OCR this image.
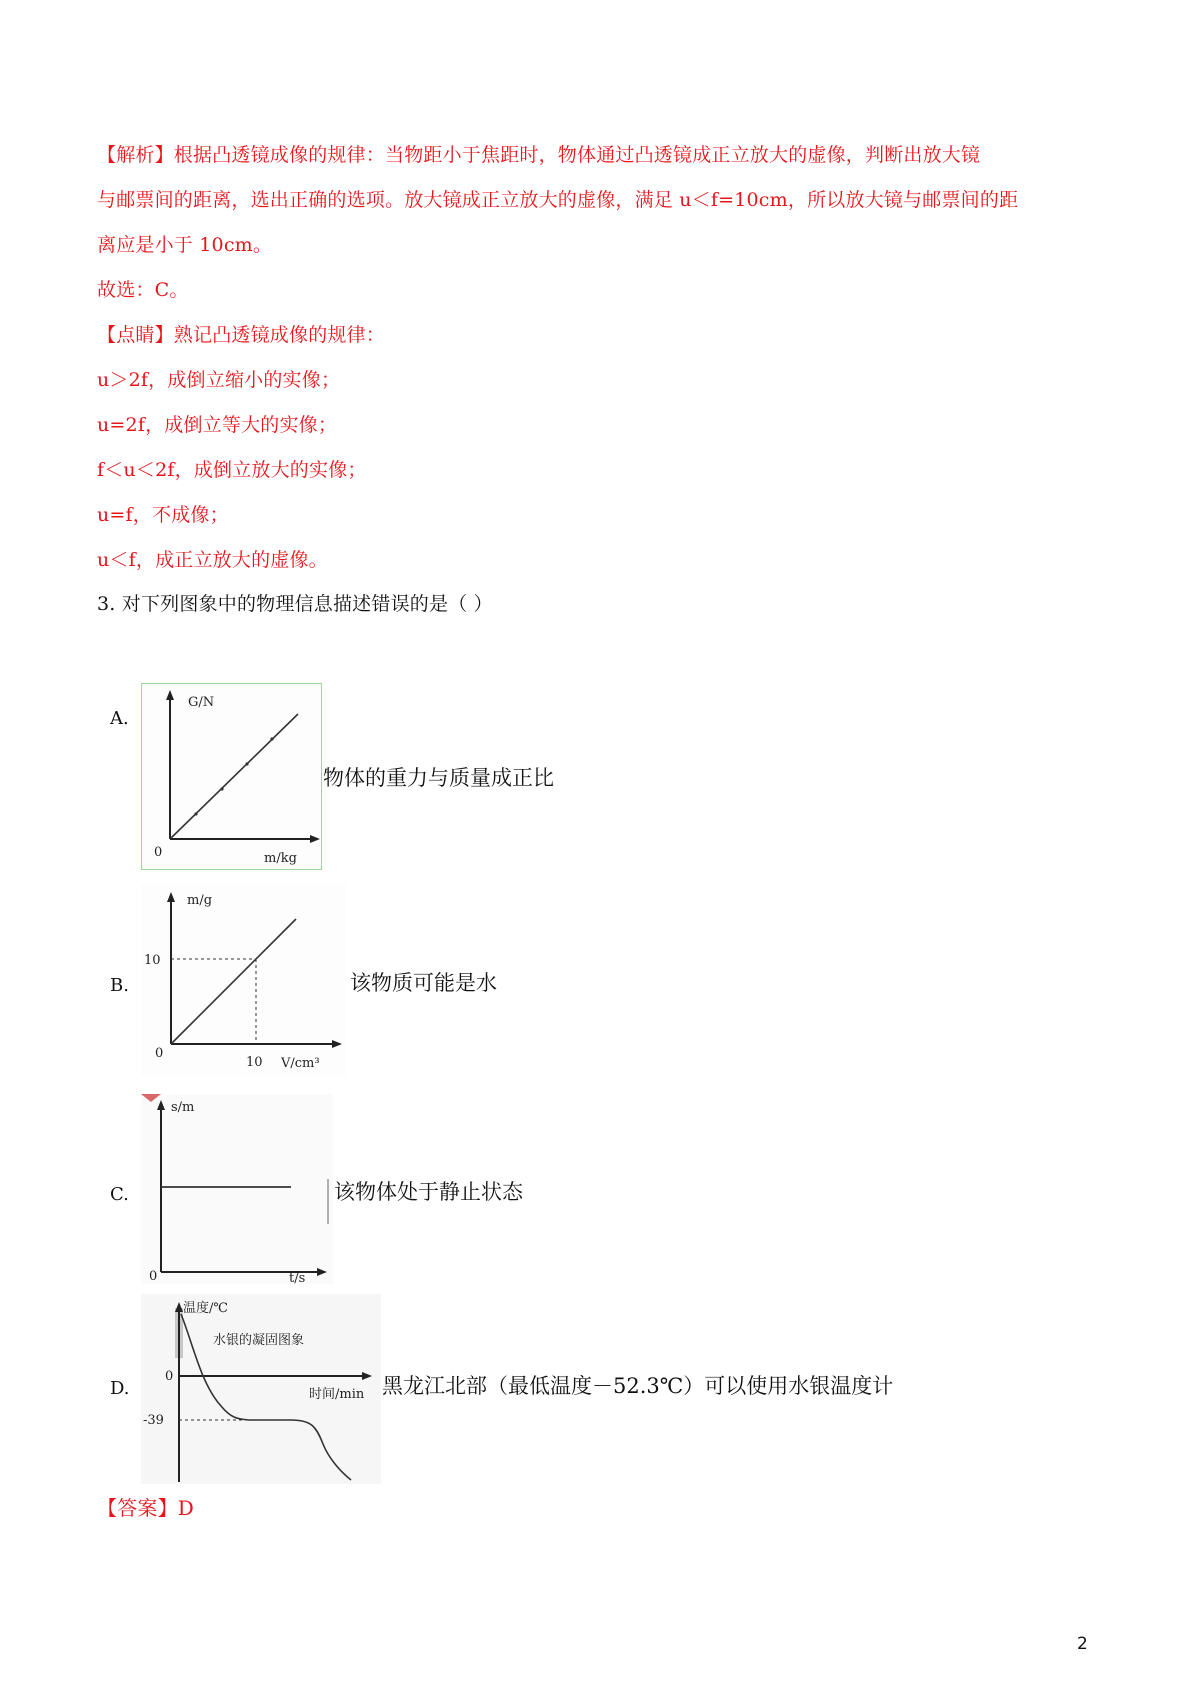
【解析】根据凸透镜成像的规律：当物距小于焦距时，物体通过凸透镜成正立放大的虚像，判断出放大镜
与邮票间的距离，选出正确的选项。放大镜成正立放大的虚像，满足 u＜f=10cm，所以放大镜与邮票间的距
离应是小于 10cm。
故选：C。
【点睛】熟记凸透镜成像的规律：
u＞2f，成倒立缩小的实像；
u=2f，成倒立等大的实像；
f＜u＜2f，成倒立放大的实像；
u=f，不成像；
u＜f，成正立放大的虚像。
3. 对下列图象中的物理信息描述错误的是（ ）
A.
G/N
m/kg
0
物体的重力与质量成正比
B.
m/g
V/cm³
0
10
10
该物质可能是水
C.
s/m
t/s
0
该物体处于静止状态
D.
温度/℃
水银的凝固图象
0
时间/min
-39
黑龙江北部（最低温度－52.3℃）可以使用水银温度计
【答案】D
2
